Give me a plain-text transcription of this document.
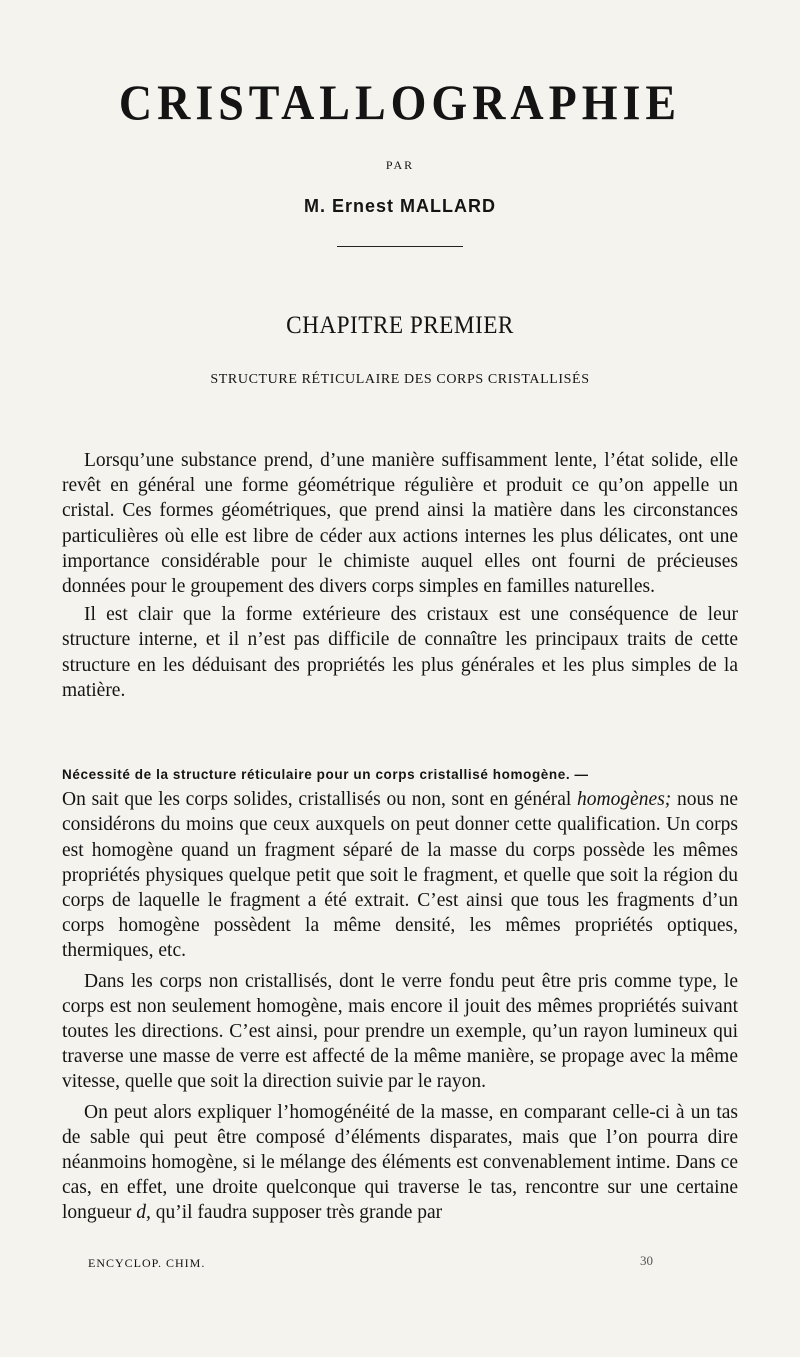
CRISTALLOGRAPHIE
PAR
M. Ernest MALLARD
CHAPITRE PREMIER
STRUCTURE RÉTICULAIRE DES CORPS CRISTALLISÉS

Lorsqu’une substance prend, d’une manière suffisamment lente, l’état solide, elle revêt en général une forme géométrique régulière et produit ce qu’on appelle un cristal. Ces formes géométriques, que prend ainsi la matière dans les circonstances particulières où elle est libre de céder aux actions internes les plus délicates, ont une importance considérable pour le chimiste auquel elles ont fourni de précieuses données pour le groupement des divers corps simples en familles naturelles.

Il est clair que la forme extérieure des cristaux est une conséquence de leur structure interne, et il n’est pas difficile de connaître les principaux traits de cette structure en les déduisant des propriétés les plus générales et les plus simples de la matière.

Nécessité de la structure réticulaire pour un corps cristallisé homogène. —

On sait que les corps solides, cristallisés ou non, sont en général homogènes; nous ne considérons du moins que ceux auxquels on peut donner cette qualification. Un corps est homogène quand un fragment séparé de la masse du corps possède les mêmes propriétés physiques quelque petit que soit le fragment, et quelle que soit la région du corps de laquelle le fragment a été extrait. C’est ainsi que tous les fragments d’un corps homogène possèdent la même densité, les mêmes propriétés optiques, thermiques, etc.

Dans les corps non cristallisés, dont le verre fondu peut être pris comme type, le corps est non seulement homogène, mais encore il jouit des mêmes propriétés suivant toutes les directions. C’est ainsi, pour prendre un exemple, qu’un rayon lumineux qui traverse une masse de verre est affecté de la même manière, se propage avec la même vitesse, quelle que soit la direction suivie par le rayon.

On peut alors expliquer l’homogénéité de la masse, en comparant celle-ci à un tas de sable qui peut être composé d’éléments disparates, mais que l’on pourra dire néanmoins homogène, si le mélange des éléments est convenablement intime. Dans ce cas, en effet, une droite quelconque qui traverse le tas, rencontre sur une certaine longueur d, qu’il faudra supposer très grande par

ENCYCLOP. CHIM.	30
